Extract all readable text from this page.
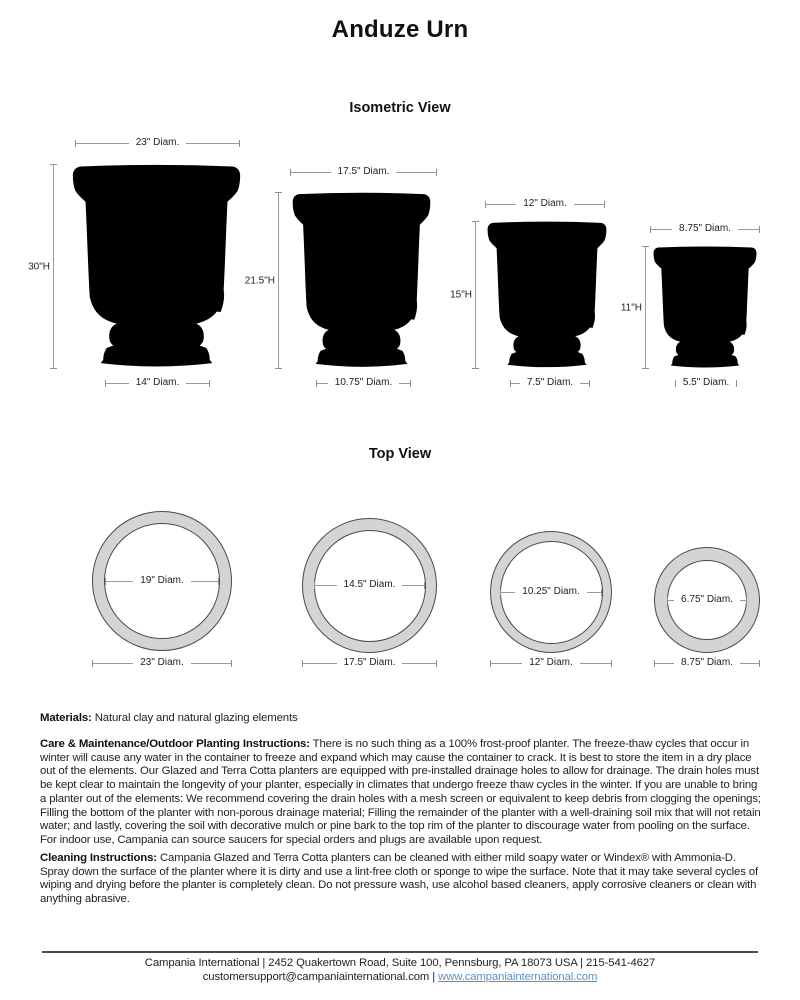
Anduze Urn
Isometric View
23" Diam.
30"H
14" Diam.
17.5" Diam.
21.5"H
10.75" Diam.
12" Diam.
15"H
7.5" Diam.
8.75" Diam.
11"H
5.5" Diam.
Top View
19" Diam.
23" Diam.
14.5" Diam.
17.5" Diam.
10.25" Diam.
12" Diam.
6.75" Diam.
8.75" Diam.
Materials: Natural clay and natural glazing elements
Care & Maintenance/Outdoor Planting Instructions: There is no such thing as a 100% frost-proof planter. The freeze-thaw cycles that occur in winter will cause any water in the container to freeze and expand which may cause the container to crack. It is best to store the item in a dry place out of the elements. Our Glazed and Terra Cotta planters are equipped with pre-installed drainage holes to allow for drainage. The drain holes must be kept clear to maintain the longevity of your planter, especially in climates that undergo freeze thaw cycles in the winter. If you are unable to bring a planter out of the elements: We recommend covering the drain holes with a mesh screen or equivalent to keep debris from clogging the openings; Filling the bottom of the planter with non-porous drainage material; Filling the remainder of the planter with a well-draining soil mix that will not retain water; and lastly, covering the soil with decorative mulch or pine bark to the top rim of the planter to discourage water from pooling on the surface. For indoor use, Campania can source saucers for special orders and plugs are available upon request.
Cleaning Instructions: Campania Glazed and Terra Cotta planters can be cleaned with either mild soapy water or Windex® with Ammonia-D. Spray down the surface of the planter where it is dirty and use a lint-free cloth or sponge to wipe the surface. Note that it may take several cycles of wiping and drying before the planter is completely clean. Do not pressure wash, use alcohol based cleaners, apply corrosive cleaners or clean with anything abrasive.
Campania International | 2452 Quakertown Road, Suite 100, Pennsburg, PA 18073 USA | 215-541-4627
customersupport@campaniainternational.com | www.campaniainternational.com
